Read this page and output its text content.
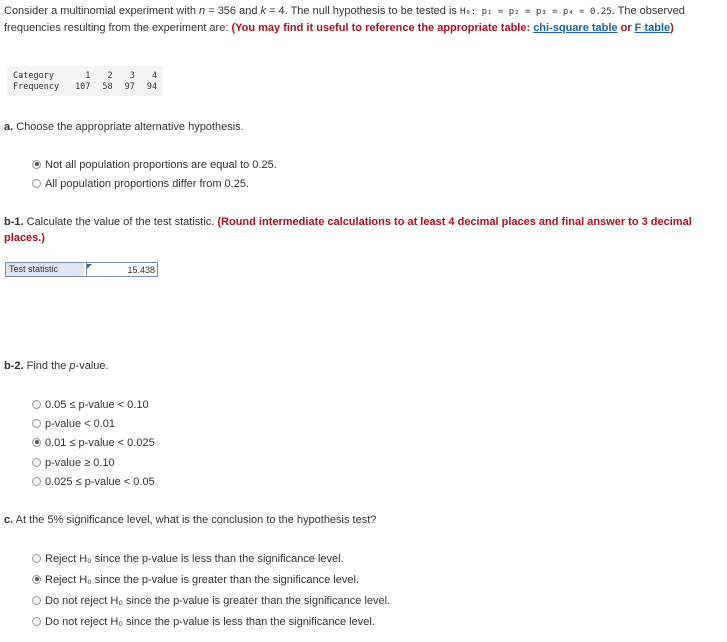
Consider a multinomial experiment with n = 356 and k = 4. The null hypothesis to be tested is H₀: p₁ = p₂ = p₃ = p₄ = 0.25. The observed frequencies resulting from the experiment are: (You may find it useful to reference the appropriate table: chi-square table or F table)
Category	1	2	3	4
Frequency	107	58	97	94
a. Choose the appropriate alternative hypothesis.
Not all population proportions are equal to 0.25.
All population proportions differ from 0.25.
b-1. Calculate the value of the test statistic. (Round intermediate calculations to at least 4 decimal places and final answer to 3 decimal places.)
Test statistic
15.438
b-2. Find the p-value.
0.05 ≤ p-value < 0.10
p-value < 0.01
0.01 ≤ p-value < 0.025
p-value ≥ 0.10
0.025 ≤ p-value < 0.05
c. At the 5% significance level, what is the conclusion to the hypothesis test?
Reject H₀ since the p-value is less than the significance level.
Reject H₀ since the p-value is greater than the significance level.
Do not reject H₀ since the p-value is greater than the significance level.
Do not reject H₀ since the p-value is less than the significance level.
